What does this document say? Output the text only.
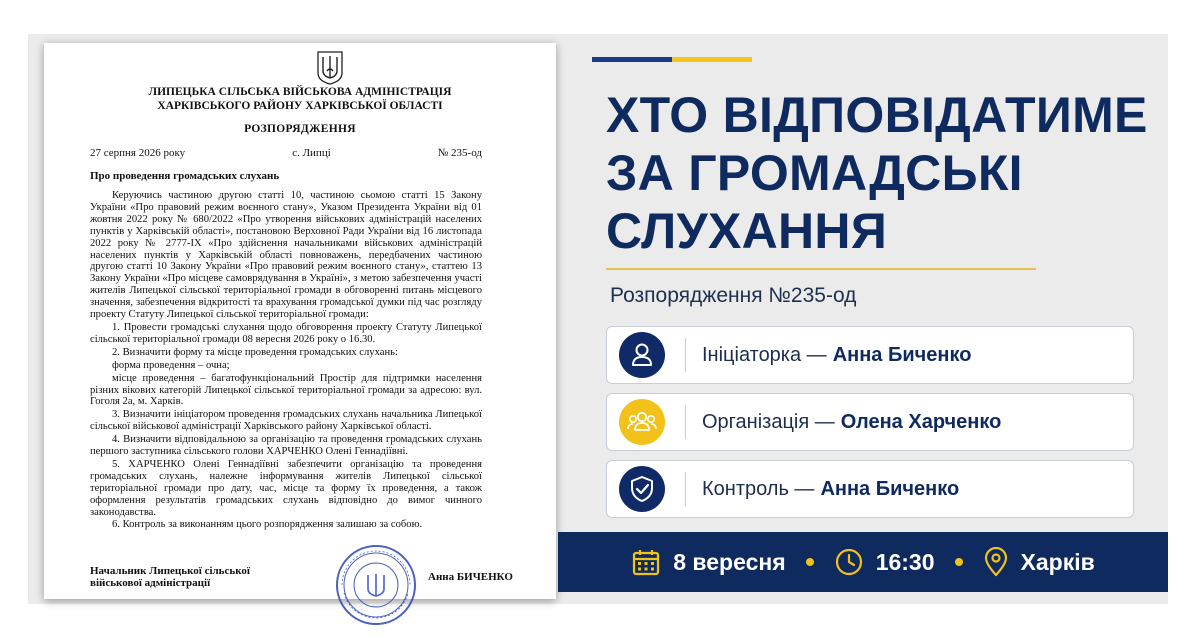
ЛИПЕЦЬКА СІЛЬСЬКА ВІЙСЬКОВА АДМІНІСТРАЦІЯ
ХАРКІВСЬКОГО РАЙОНУ ХАРКІВСЬКОЇ ОБЛАСТІ
РОЗПОРЯДЖЕННЯ
27 серпня 2026 року	с. Липці	№ 235-од
Про проведення громадських слухань

Керуючись частиною другою статті 10, частиною сьомою статті 15 Закону України «Про правовий режим воєнного стану», Указом Президента України від 01 жовтня 2022 року № 680/2022 «Про утворення військових адміністрацій населених пунктів у Харківській області», постановою Верховної Ради України від 16 листопада 2022 року № 2777-IX «Про здійснення начальниками військових адміністрацій населених пунктів у Харківській області повноважень, передбачених частиною другою статті 10 Закону України «Про правовий режим воєнного стану», статтею 13 Закону України «Про місцеве самоврядування в Україні», з метою забезпечення участі жителів Липецької сільської територіальної громади в обговоренні питань місцевого значення, забезпечення відкритості та врахування громадської думки під час розгляду проекту Статуту Липецької сільської територіальної громади:

1. Провести громадські слухання щодо обговорення проекту Статуту Липецької сільської територіальної громади 08 вересня 2026 року о 16.30.

2. Визначити форму та місце проведення громадських слухань:

форма проведення – очна;

місце проведення – багатофункціональний Простір для підтримки населення різних вікових категорій Липецької сільської територіальної громади за адресою: вул. Гоголя 2а, м. Харків.

3. Визначити ініціатором проведення громадських слухань начальника Липецької сільської військової адміністрації Харківського району Харківської області.

4. Визначити відповідальною за організацію та проведення громадських слухань першого заступника сільського голови ХАРЧЕНКО Олені Геннадіївні.

5. ХАРЧЕНКО Олені Геннадіївні забезпечити організацію та проведення громадських слухань, належне інформування жителів Липецької сільської територіальної громади про дату, час, місце та форму їх проведення, а також оформлення результатів громадських слухань відповідно до вимог чинного законодавства.

6. Контроль за виконанням цього розпорядження залишаю за собою.

Начальник Липецької сільської
військової адміністрації	Анна БИЧЕНКО
ХТО ВІДПОВІДАТИМЕ
ЗА ГРОМАДСЬКІ
СЛУХАННЯ
Розпорядження №235-од
Ініціаторка — Анна Биченко
Організація — Олена Харченко
Контроль — Анна Биченко
8 вересня	16:30	Харків
